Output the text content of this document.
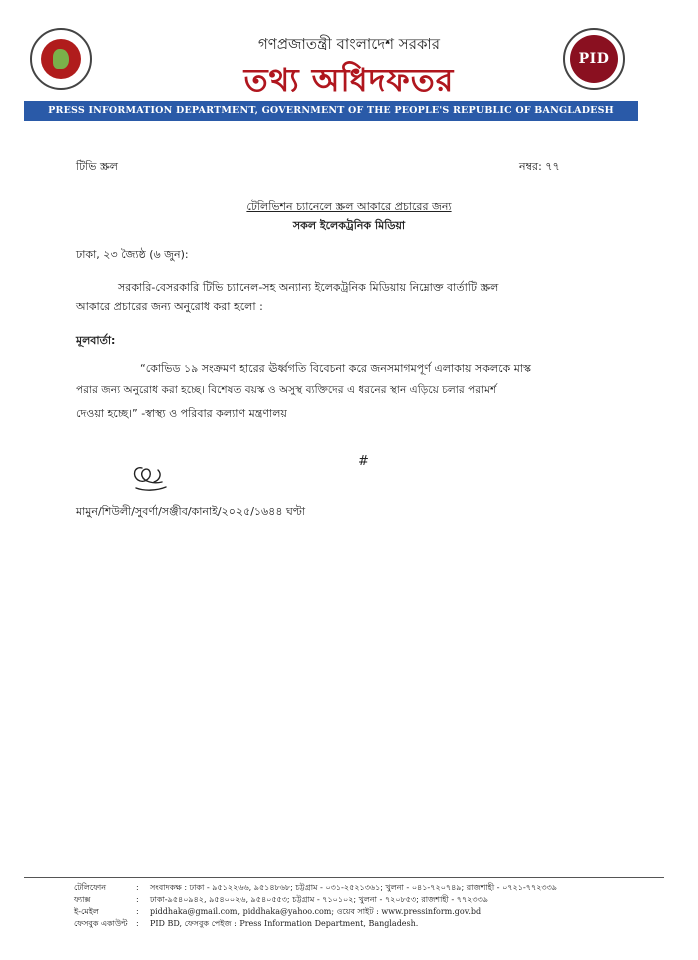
PID
গণপ্রজাতন্ত্রী বাংলাদেশ সরকার
তথ্য অধিদফতর
PRESS INFORMATION DEPARTMENT, GOVERNMENT OF THE PEOPLE'S REPUBLIC OF BANGLADESH
টিভি স্ক্রল	নম্বর: ৭৭
টেলিভিশন চ্যানেলে স্ক্রল আকারে প্রচারের জন্য
সকল ইলেকট্রনিক মিডিয়া
ঢাকা, ২৩ জ্যৈষ্ঠ (৬ জুন):
সরকারি-বেসরকারি টিভি চ্যানেল-সহ অন্যান্য ইলেকট্রনিক মিডিয়ায় নিম্নোক্ত বার্তাটি স্ক্রল
আকারে প্রচারের জন্য অনুরোধ করা হলো :
মূলবার্তা:
“কোভিড ১৯ সংক্রমণ হারের ঊর্ধ্বগতি বিবেচনা করে জনসমাগমপূর্ণ এলাকায় সকলকে মাস্ক
পরার জন্য অনুরোধ করা হচ্ছে। বিশেষত বয়স্ক ও অসুস্থ ব্যক্তিদের এ ধরনের স্থান এড়িয়ে চলার পরামর্শ
দেওয়া হচ্ছে।” -স্বাস্থ্য ও পরিবার কল্যাণ মন্ত্রণালয়
#
মামুন/শিউলী/সুবর্ণা/সঞ্জীব/কানাই/২০২৫/১৬৪৪ ঘণ্টা
টেলিফোন	: সংবাদকক্ষ : ঢাকা - ৯৫১২২৬৬, ৯৫১৪৮৬৮; চট্টগ্রাম - ০৩১-২৫২১৩৬১; খুলনা - ০৪১-৭২০৭৪৯; রাজশাহী - ০৭২১-৭৭২৩৩৯
ফ্যাক্স	: ঢাকা-৯৫৪০৯৪২, ৯৫৪০০২৬, ৯৫৪০৫৫৩; চট্টগ্রাম - ৭১০১০২; খুলনা - ৭২০৮৫৩; রাজশাহী - ৭৭২৩৩৯
ই-মেইল	: piddhaka@gmail.com, piddhaka@yahoo.com; ওয়েব সাইট : www.pressinform.gov.bd
ফেসবুক একাউন্ট : PID BD, ফেসবুক পেইজ : Press Information Department, Bangladesh.
